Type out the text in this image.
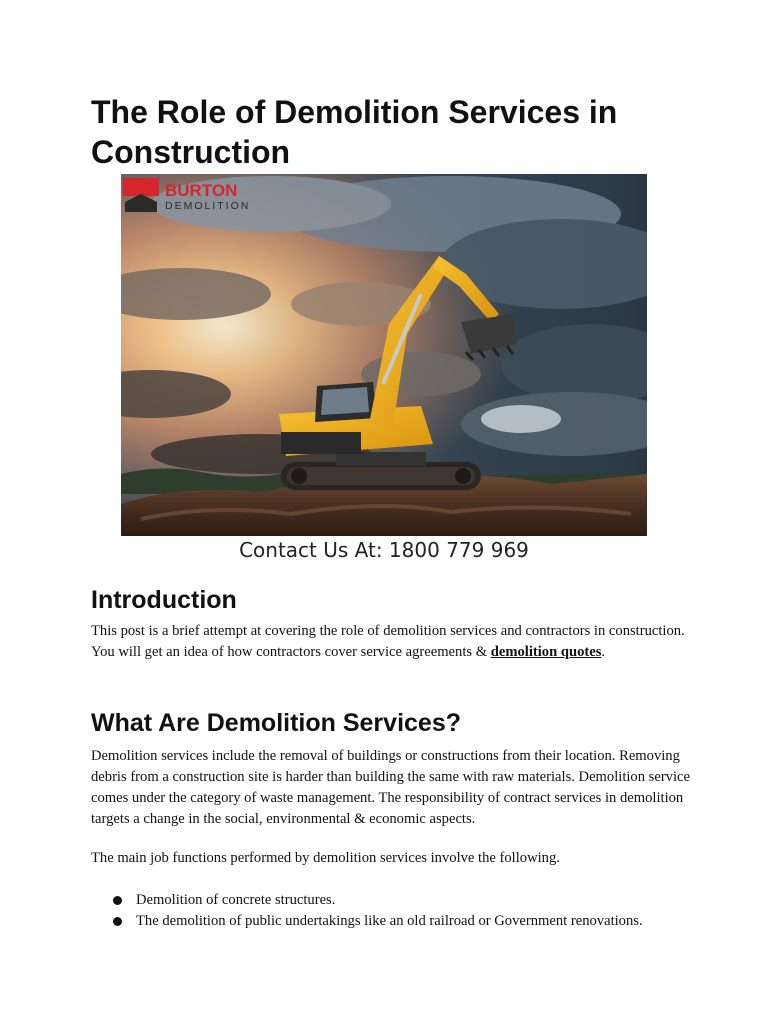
The Role of Demolition Services in Construction
BURTON
DEMOLITION
Contact Us At: 1800 779 969
Introduction

This post is a brief attempt at covering the role of demolition services and contractors in construction. You will get an idea of how contractors cover service agreements & demolition quotes.

What Are Demolition Services?

Demolition services include the removal of buildings or constructions from their location. Removing debris from a construction site is harder than building the same with raw materials. Demolition service comes under the category of waste management. The responsibility of contract services in demolition targets a change in the social, environmental & economic aspects.

The main job functions performed by demolition services involve the following.

Demolition of concrete structures.
The demolition of public undertakings like an old railroad or Government renovations.
